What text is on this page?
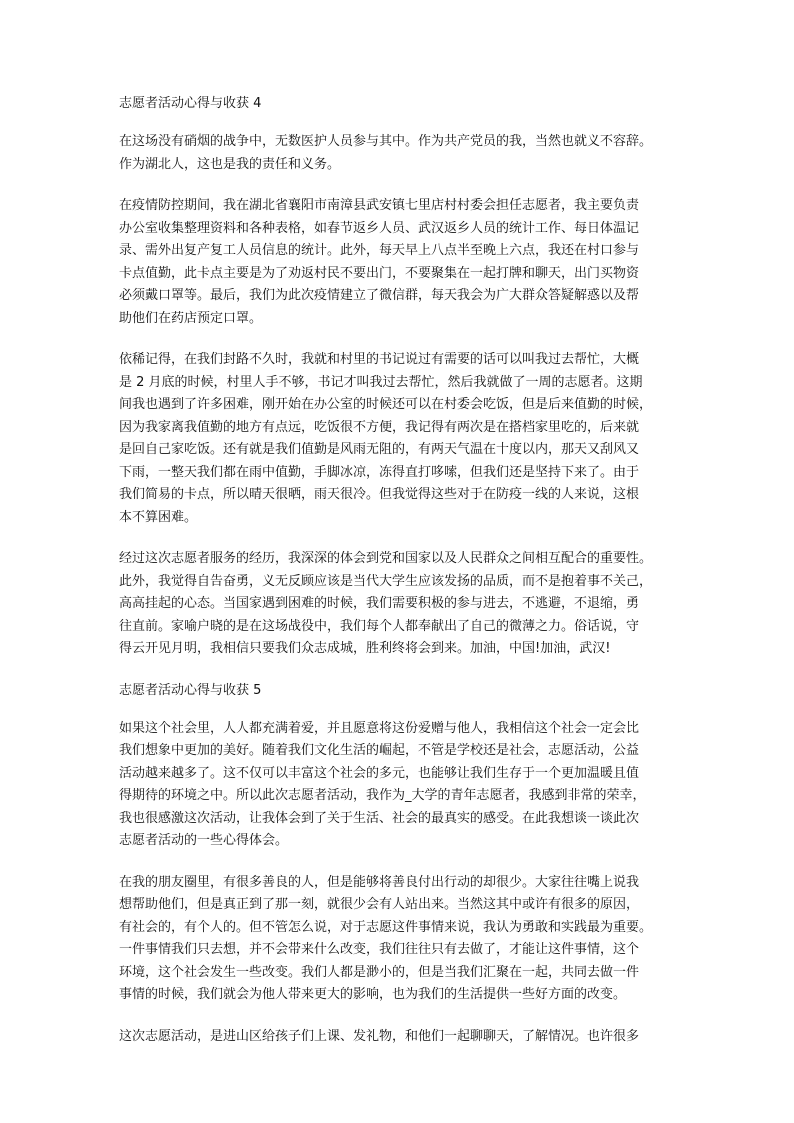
志愿者活动心得与收获 4
在这场没有硝烟的战争中，无数医护人员参与其中。作为共产党员的我，当然也就义不容辞。
作为湖北人，这也是我的责任和义务。
在疫情防控期间，我在湖北省襄阳市南漳县武安镇七里店村村委会担任志愿者，我主要负责
办公室收集整理资料和各种表格，如春节返乡人员、武汉返乡人员的统计工作、每日体温记
录、需外出复产复工人员信息的统计。此外，每天早上八点半至晚上六点，我还在村口参与
卡点值勤，此卡点主要是为了劝返村民不要出门，不要聚集在一起打牌和聊天，出门买物资
必须戴口罩等。最后，我们为此次疫情建立了微信群，每天我会为广大群众答疑解惑以及帮
助他们在药店预定口罩。
依稀记得，在我们封路不久时，我就和村里的书记说过有需要的话可以叫我过去帮忙，大概
是 2 月底的时候，村里人手不够，书记才叫我过去帮忙，然后我就做了一周的志愿者。这期
间我也遇到了许多困难，刚开始在办公室的时候还可以在村委会吃饭，但是后来值勤的时候，
因为我家离我值勤的地方有点远，吃饭很不方便，我记得有两次是在搭档家里吃的，后来就
是回自己家吃饭。还有就是我们值勤是风雨无阻的，有两天气温在十度以内，那天又刮风又
下雨，一整天我们都在雨中值勤，手脚冰凉，冻得直打哆嗦，但我们还是坚持下来了。由于
我们简易的卡点，所以晴天很晒，雨天很冷。但我觉得这些对于在防疫一线的人来说，这根
本不算困难。
经过这次志愿者服务的经历，我深深的体会到党和国家以及人民群众之间相互配合的重要性。
此外，我觉得自告奋勇，义无反顾应该是当代大学生应该发扬的品质，而不是抱着事不关己，
高高挂起的心态。当国家遇到困难的时候，我们需要积极的参与进去，不逃避，不退缩，勇
往直前。家喻户晓的是在这场战役中，我们每个人都奉献出了自己的微薄之力。俗话说，守
得云开见月明，我相信只要我们众志成城，胜利终将会到来。加油，中国!加油，武汉!
志愿者活动心得与收获 5
如果这个社会里，人人都充满着爱，并且愿意将这份爱赠与他人，我相信这个社会一定会比
我们想象中更加的美好。随着我们文化生活的崛起，不管是学校还是社会，志愿活动，公益
活动越来越多了。这不仅可以丰富这个社会的多元，也能够让我们生存于一个更加温暖且值
得期待的环境之中。所以此次志愿者活动，我作为_大学的青年志愿者，我感到非常的荣幸，
我也很感激这次活动，让我体会到了关于生活、社会的最真实的感受。在此我想谈一谈此次
志愿者活动的一些心得体会。
在我的朋友圈里，有很多善良的人，但是能够将善良付出行动的却很少。大家往往嘴上说我
想帮助他们，但是真正到了那一刻，就很少会有人站出来。当然这其中或许有很多的原因，
有社会的，有个人的。但不管怎么说，对于志愿这件事情来说，我认为勇敢和实践最为重要。
一件事情我们只去想，并不会带来什么改变，我们往往只有去做了，才能让这件事情，这个
环境，这个社会发生一些改变。我们人都是渺小的，但是当我们汇聚在一起，共同去做一件
事情的时候，我们就会为他人带来更大的影响，也为我们的生活提供一些好方面的改变。
这次志愿活动，是进山区给孩子们上课、发礼物，和他们一起聊聊天，了解情况。也许很多
